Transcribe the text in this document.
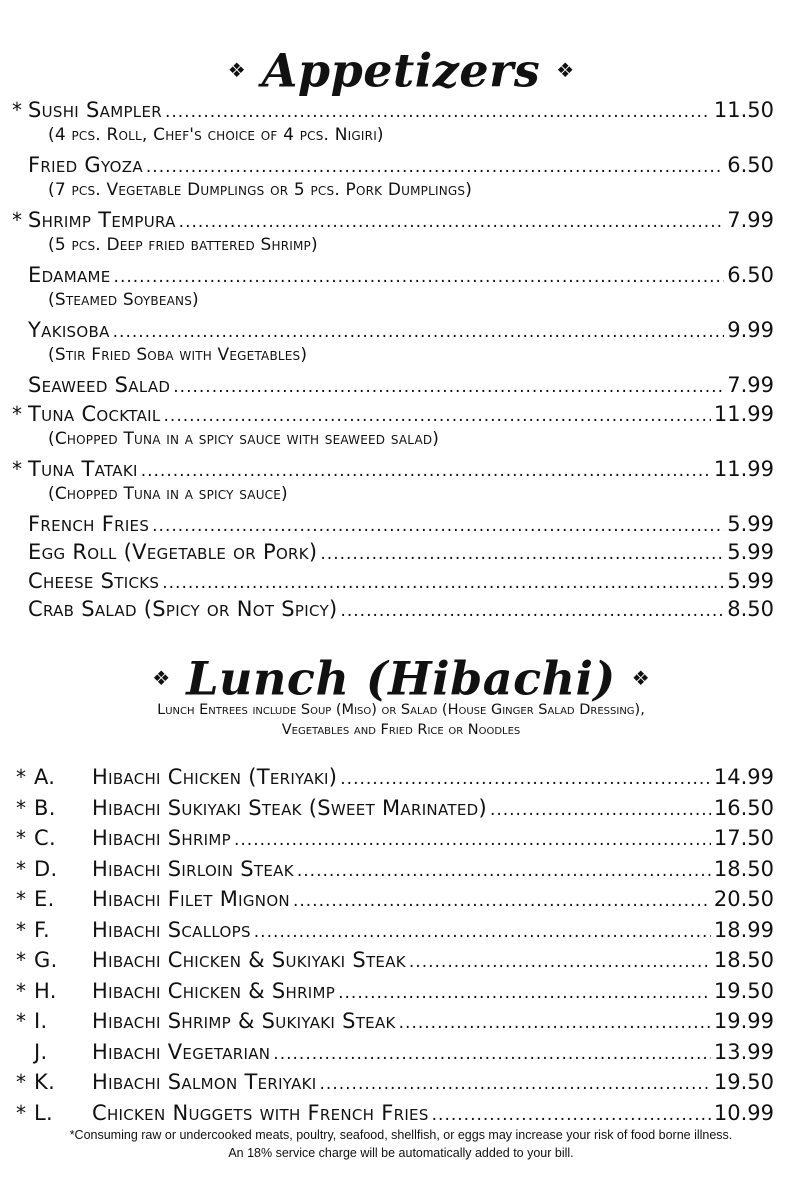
❖ Appetizers ❖
* Sushi Sampler .....	11.50
(4 pcs. Roll, Chef's choice of 4 pcs. Nigiri)
Fried Gyoza .....	6.50
(7 pcs. Vegetable Dumplings or 5 pcs. Pork Dumplings)
* Shrimp Tempura .....	7.99
(5 pcs. Deep fried battered Shrimp)
Edamame .....	6.50
(Steamed Soybeans)
Yakisoba .....	9.99
(Stir Fried Soba with Vegetables)
Seaweed Salad .....	7.99
* Tuna Cocktail .....	11.99
(Chopped Tuna in a spicy sauce with seaweed salad)
* Tuna Tataki .....	11.99
(Chopped Tuna in a spicy sauce)
French Fries .....	5.99
Egg Roll (Vegetable or Pork) .....	5.99
Cheese Sticks .....	5.99
Crab Salad (Spicy or Not Spicy) .....	8.50
❖ Lunch (Hibachi) ❖
Lunch Entrees include Soup (Miso) or Salad (House Ginger Salad Dressing),
Vegetables and Fried Rice or Noodles
* A.	Hibachi Chicken (Teriyaki) .....	14.99
* B.	Hibachi Sukiyaki Steak (Sweet Marinated) .....	16.50
* C.	Hibachi Shrimp .....	17.50
* D.	Hibachi Sirloin Steak .....	18.50
* E.	Hibachi Filet Mignon .....	20.50
* F.	Hibachi Scallops .....	18.99
* G.	Hibachi Chicken & Sukiyaki Steak .....	18.50
* H.	Hibachi Chicken & Shrimp .....	19.50
* I.	Hibachi Shrimp & Sukiyaki Steak .....	19.99
J.	Hibachi Vegetarian .....	13.99
* K.	Hibachi Salmon Teriyaki .....	19.50
* L.	Chicken Nuggets with French Fries .....	10.99
*Consuming raw or undercooked meats, poultry, seafood, shellfish, or eggs may increase your risk of food borne illness.
An 18% service charge will be automatically added to your bill.
